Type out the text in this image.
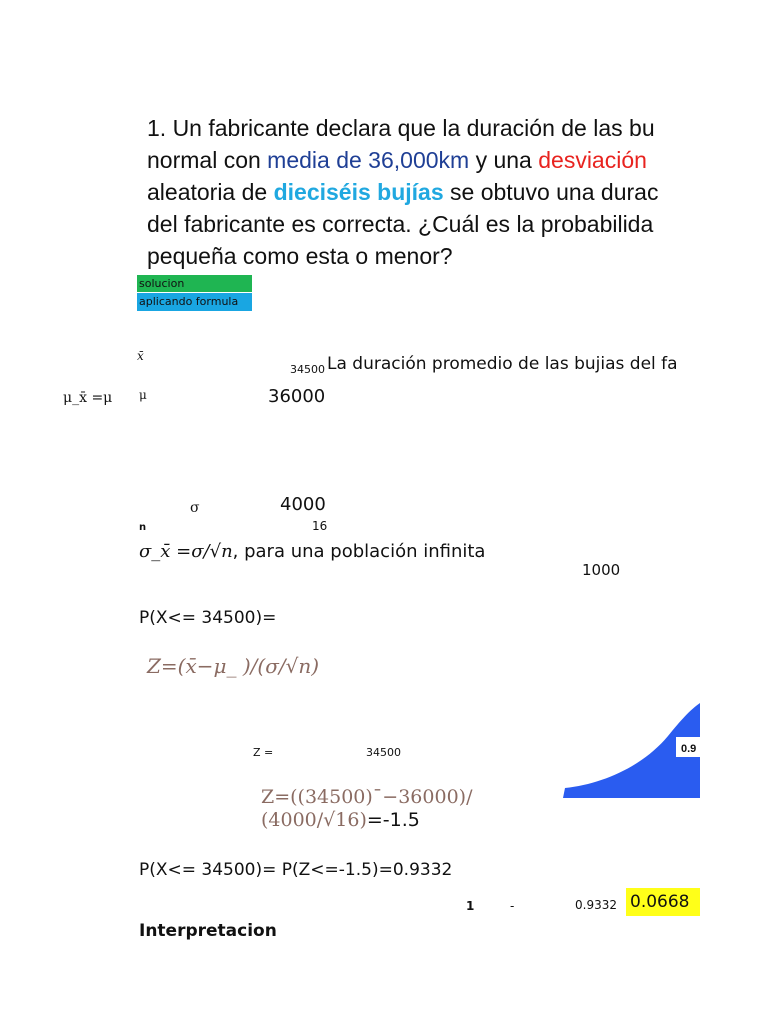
1. Un fabricante declara que la duración de las bu
normal con media de 36,000km y una desviación
aleatoria de dieciséis bujías se obtuvo una durac
del fabricante es correcta. ¿Cuál es la probabilida
pequeña como esta o menor?
solucion
aplicando formula
x̄
34500 La duración promedio de las bujias del fa
μ_x̄ =μ μ	36000
σ	4000
n	16
σ_x̄ =σ/√n, para una población infinita
1000
P(X<= 34500)=
Z=(x̄−μ_ )/(σ/√n)
Z =	34500
Z=((34500)¯−36000)/
(4000/√16)=-1.5
0.9
P(X<= 34500)= P(Z<=-1.5)=0.9332
1	-	0.9332 0.0668
Interpretacion
